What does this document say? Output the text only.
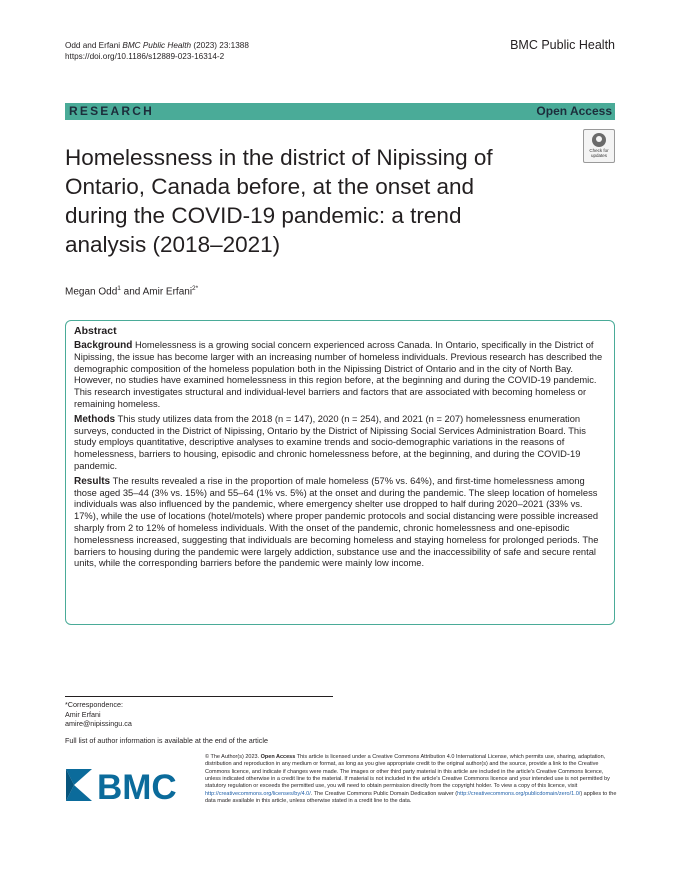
Odd and Erfani BMC Public Health (2023) 23:1388
https://doi.org/10.1186/s12889-023-16314-2
BMC Public Health
RESEARCH	Open Access
Homelessness in the district of Nipissing of Ontario, Canada before, at the onset and during the COVID-19 pandemic: a trend analysis (2018–2021)
Check for
updates
Megan Odd$^1$ and Amir Erfani$^{2*}$
Abstract

Background Homelessness is a growing social concern experienced across Canada. In Ontario, specifically in the District of Nipissing, the issue has become larger with an increasing number of homeless individuals. Previous research has described the demographic composition of the homeless population both in the Nipissing District of Ontario and in the city of North Bay. However, no studies have examined homelessness in this region before, at the beginning and during the COVID-19 pandemic. This research investigates structural and individual-level barriers and factors that are associated with becoming homeless or remaining homeless.

Methods This study utilizes data from the 2018 (n = 147), 2020 (n = 254), and 2021 (n = 207) homelessness enumeration surveys, conducted in the District of Nipissing, Ontario by the District of Nipissing Social Services Administration Board. This study employs quantitative, descriptive analyses to examine trends and socio-demographic variations in the reasons of homelessness, barriers to housing, episodic and chronic homelessness before, at the beginning, and during the COVID-19 pandemic.

Results The results revealed a rise in the proportion of male homeless (57% vs. 64%), and first-time homelessness among those aged 35–44 (3% vs. 15%) and 55–64 (1% vs. 5%) at the onset and during the pandemic. The sleep location of homeless individuals was also influenced by the pandemic, where emergency shelter use dropped to half during 2020–2021 (33% vs. 17%), while the use of locations (hotel/motels) where proper pandemic protocols and social distancing were possible increased sharply from 2 to 12% of homeless individuals. With the onset of the pandemic, chronic homelessness and one-episodic homelessness increased, suggesting that individuals are becoming homeless and staying homeless for prolonged periods. The barriers to housing during the pandemic were largely addiction, substance use and the inaccessibility of safe and secure rental units, while the corresponding barriers before the pandemic were mainly low income.

*Correspondence:
Amir Erfani
amire@nipissingu.ca
Full list of author information is available at the end of the article
BMC

© The Author(s) 2023. Open Access This article is licensed under a Creative Commons Attribution 4.0 International License, which permits use, sharing, adaptation, distribution and reproduction in any medium or format, as long as you give appropriate credit to the original author(s) and the source, provide a link to the Creative Commons licence, and indicate if changes were made. The images or other third party material in this article are included in the article's Creative Commons licence, unless indicated otherwise in a credit line to the material. If material is not included in the article's Creative Commons licence and your intended use is not permitted by statutory regulation or exceeds the permitted use, you will need to obtain permission directly from the copyright holder. To view a copy of this licence, visit http://creativecommons.org/licenses/by/4.0/. The Creative Commons Public Domain Dedication waiver (http://creativecommons.org/publicdomain/zero/1.0/) applies to the data made available in this article, unless otherwise stated in a credit line to the data.
